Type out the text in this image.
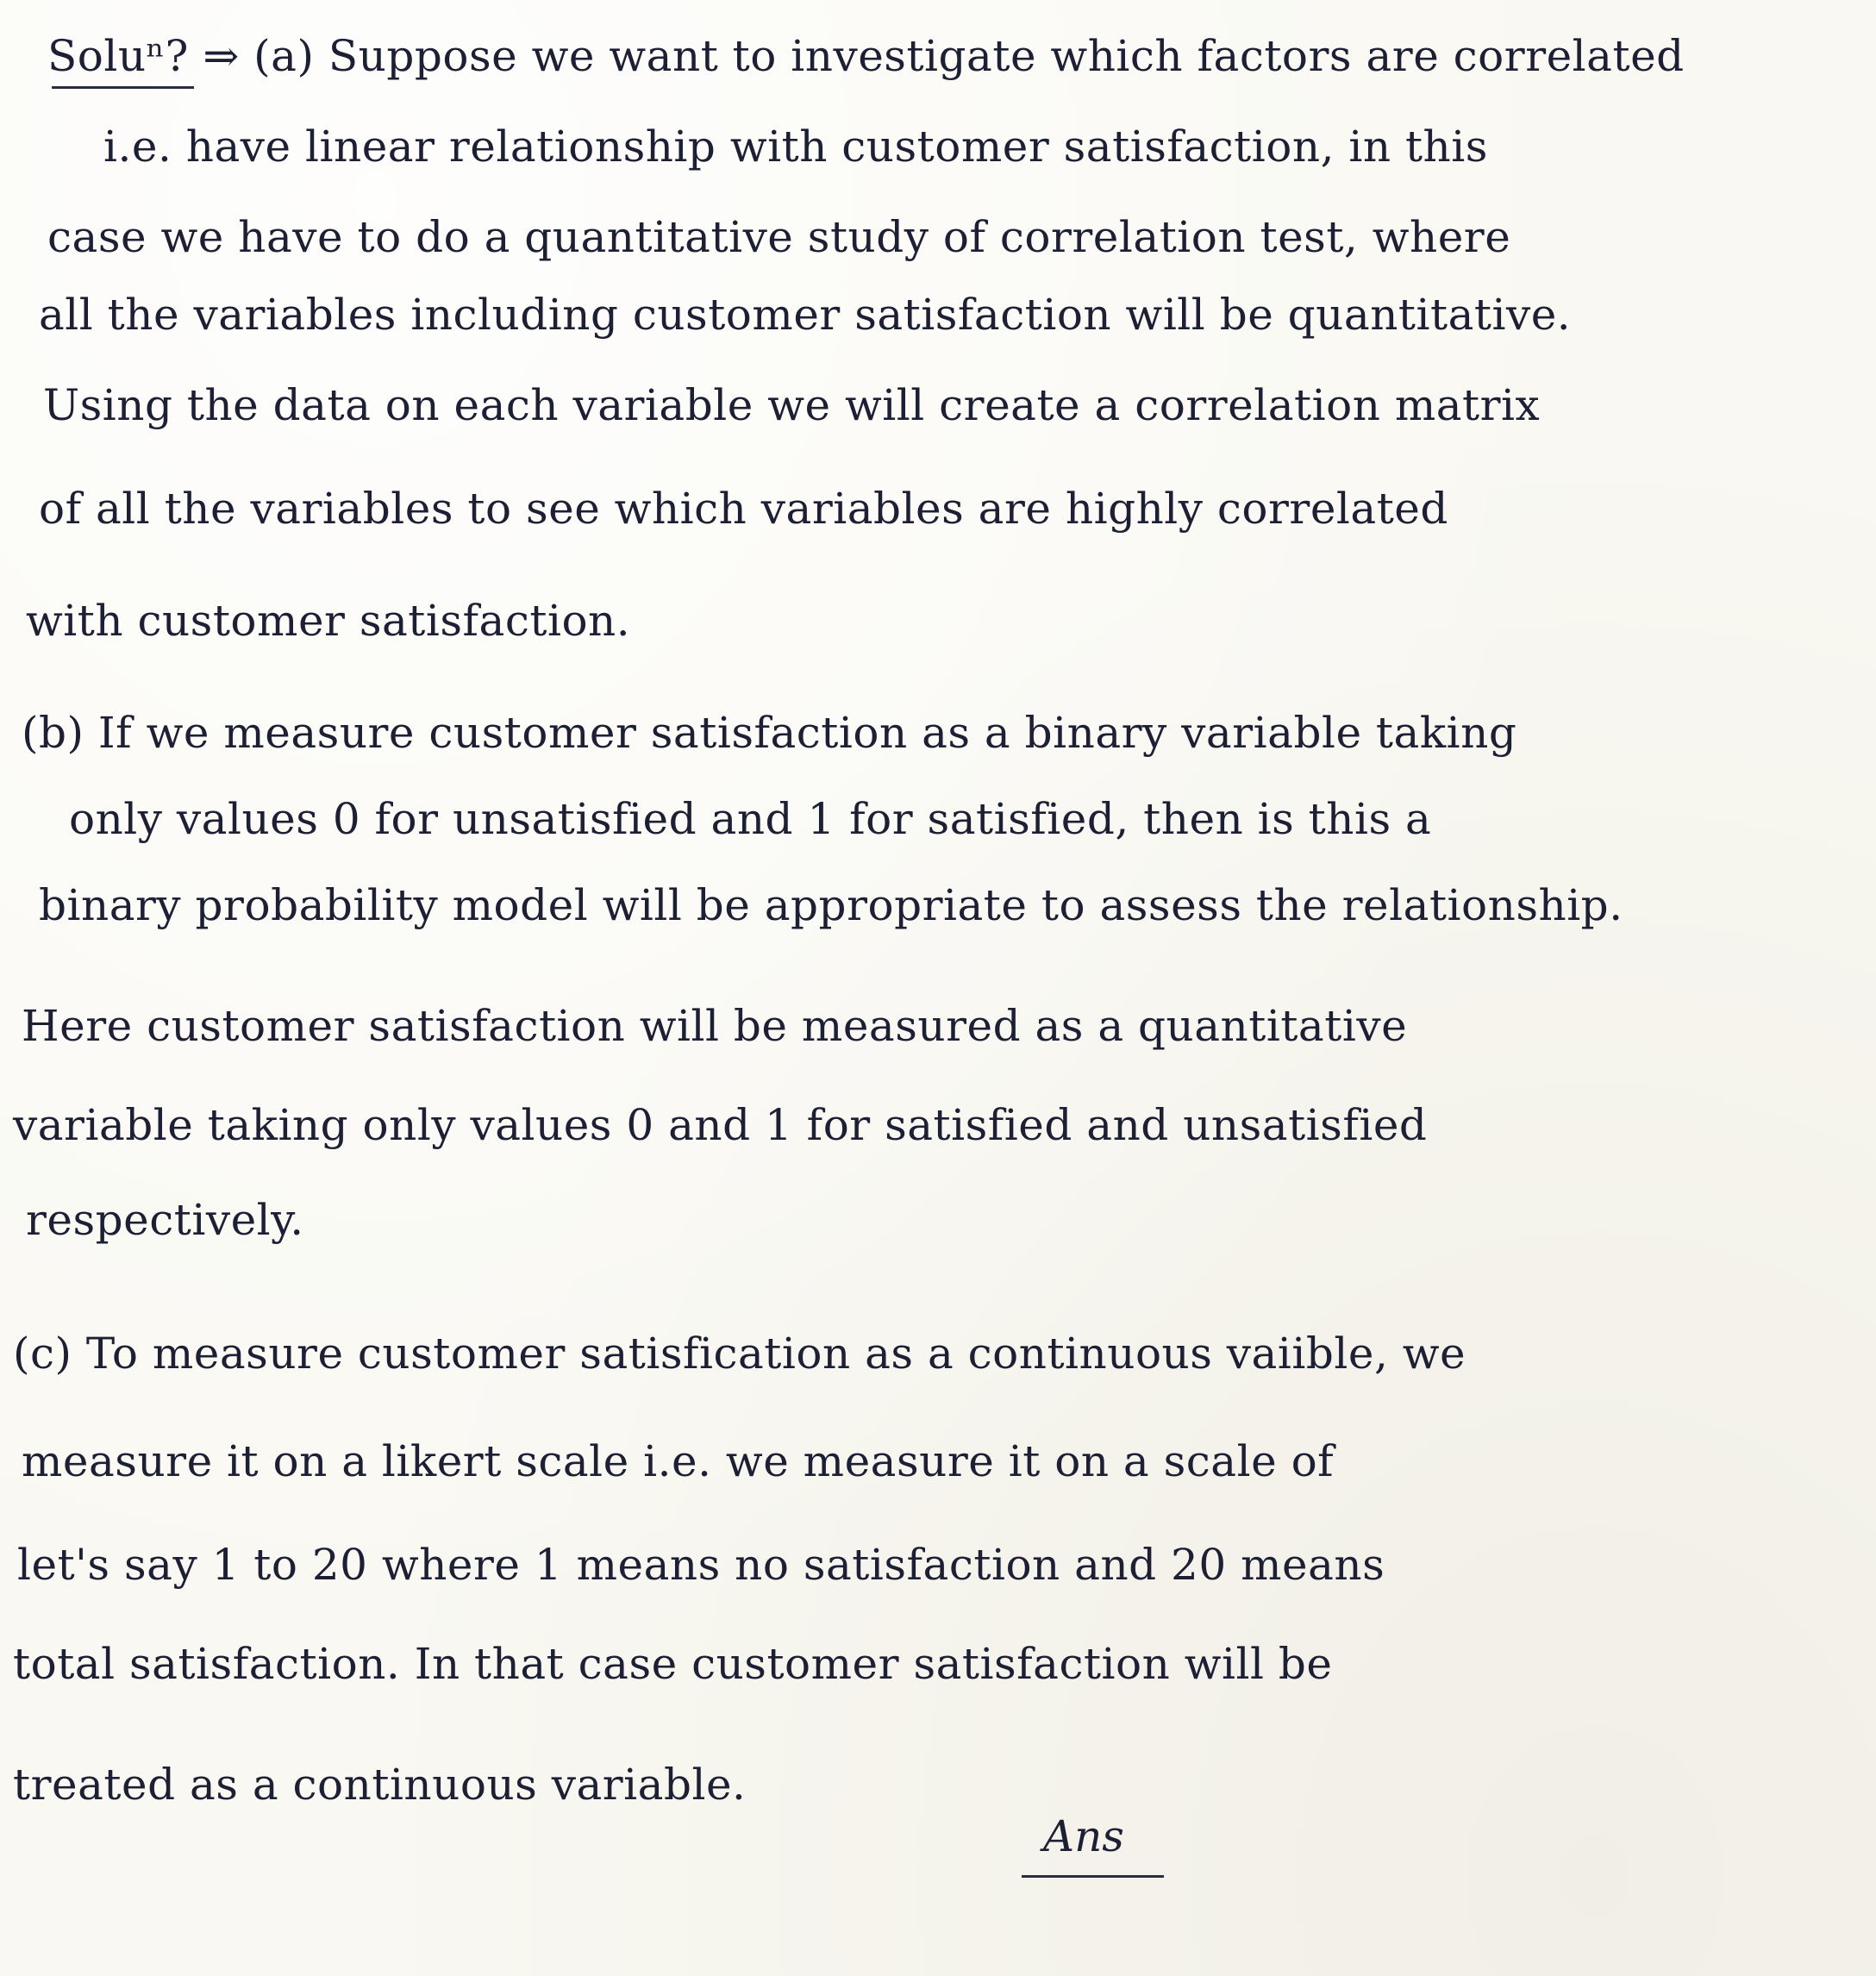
Soluⁿ? ⇒ (a) Suppose we want to investigate which factors are correlated
i.e. have linear relationship with customer satisfaction, in this
case we have to do a quantitative study of correlation test, where
all the variables including customer satisfaction will be quantitative.
Using the data on each variable we will create a correlation matrix
of all the variables to see which variables are highly correlated
with customer satisfaction.
(b) If we measure customer satisfaction as a binary variable taking
only values 0 for unsatisfied and 1 for satisfied, then is this a
binary probability model will be appropriate to assess the relationship.
Here customer satisfaction will be measured as a quantitative
variable taking only values 0 and 1 for satisfied and unsatisfied
respectively.
(c) To measure customer satisfication as a continuous vaiible, we
measure it on a likert scale i.e. we measure it on a scale of
let's say 1 to 20 where 1 means no satisfaction and 20 means
total satisfaction. In that case customer satisfaction will be
treated as a continuous variable.
Ans
